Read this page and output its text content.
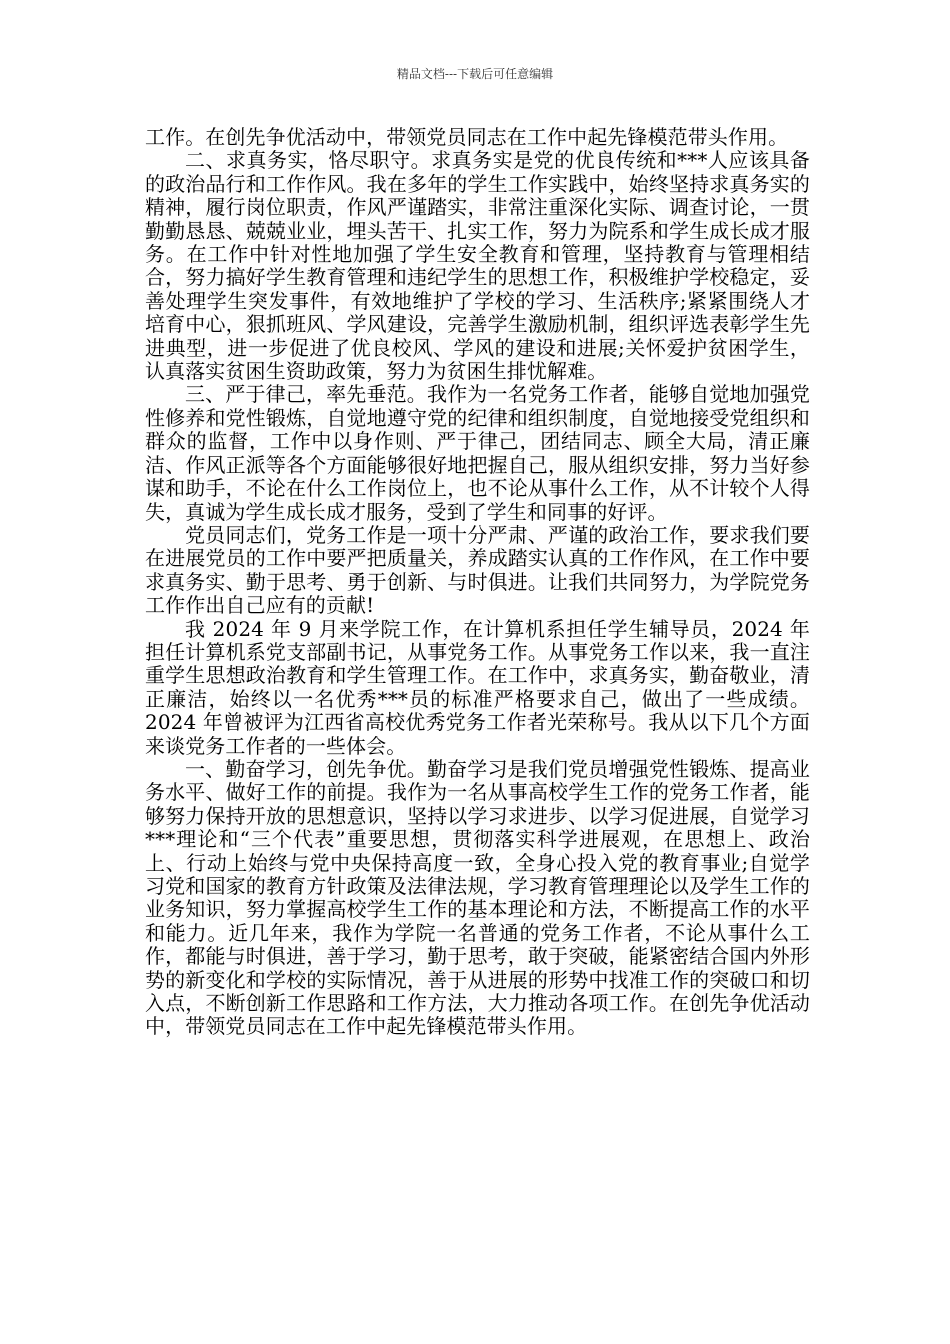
精品文档---下载后可任意编辑

工作。在创先争优活动中，带领党员同志在工作中起先锋模范带头作用。

二、求真务实，恪尽职守。求真务实是党的优良传统和***人应该具备的政治品行和工作作风。我在多年的学生工作实践中，始终坚持求真务实的精神，履行岗位职责，作风严谨踏实，非常注重深化实际、调查讨论，一贯勤勤恳恳、兢兢业业，埋头苦干、扎实工作，努力为院系和学生成长成才服务。在工作中针对性地加强了学生安全教育和管理，坚持教育与管理相结合，努力搞好学生教育管理和违纪学生的思想工作，积极维护学校稳定，妥善处理学生突发事件，有效地维护了学校的学习、生活秩序;紧紧围绕人才培育中心，狠抓班风、学风建设，完善学生激励机制，组织评选表彰学生先进典型，进一步促进了优良校风、学风的建设和进展;关怀爱护贫困学生，认真落实贫困生资助政策，努力为贫困生排忧解难。

三、严于律己，率先垂范。我作为一名党务工作者，能够自觉地加强党性修养和党性锻炼，自觉地遵守党的纪律和组织制度，自觉地接受党组织和群众的监督，工作中以身作则、严于律己，团结同志、顾全大局，清正廉洁、作风正派等各个方面能够很好地把握自己，服从组织安排，努力当好参谋和助手，不论在什么工作岗位上，也不论从事什么工作，从不计较个人得失，真诚为学生成长成才服务，受到了学生和同事的好评。

党员同志们，党务工作是一项十分严肃、严谨的政治工作，要求我们要在进展党员的工作中要严把质量关，养成踏实认真的工作作风，在工作中要求真务实、勤于思考、勇于创新、与时俱进。让我们共同努力，为学院党务工作作出自己应有的贡献!

我 2024 年 9 月来学院工作，在计算机系担任学生辅导员，2024 年担任计算机系党支部副书记，从事党务工作。从事党务工作以来，我一直注重学生思想政治教育和学生管理工作。在工作中，求真务实，勤奋敬业，清正廉洁，始终以一名优秀***员的标准严格要求自己，做出了一些成绩。2024 年曾被评为江西省高校优秀党务工作者光荣称号。我从以下几个方面来谈党务工作者的一些体会。

一、勤奋学习，创先争优。勤奋学习是我们党员增强党性锻炼、提高业务水平、做好工作的前提。我作为一名从事高校学生工作的党务工作者，能够努力保持开放的思想意识，坚持以学习求进步、以学习促进展，自觉学习***理论和“三个代表”重要思想，贯彻落实科学进展观，在思想上、政治上、行动上始终与党中央保持高度一致，全身心投入党的教育事业;自觉学习党和国家的教育方针政策及法律法规，学习教育管理理论以及学生工作的业务知识，努力掌握高校学生工作的基本理论和方法，不断提高工作的水平和能力。近几年来，我作为学院一名普通的党务工作者，不论从事什么工作，都能与时俱进，善于学习，勤于思考，敢于突破，能紧密结合国内外形势的新变化和学校的实际情况，善于从进展的形势中找准工作的突破口和切入点，不断创新工作思路和工作方法，大力推动各项工作。在创先争优活动中，带领党员同志在工作中起先锋模范带头作用。
